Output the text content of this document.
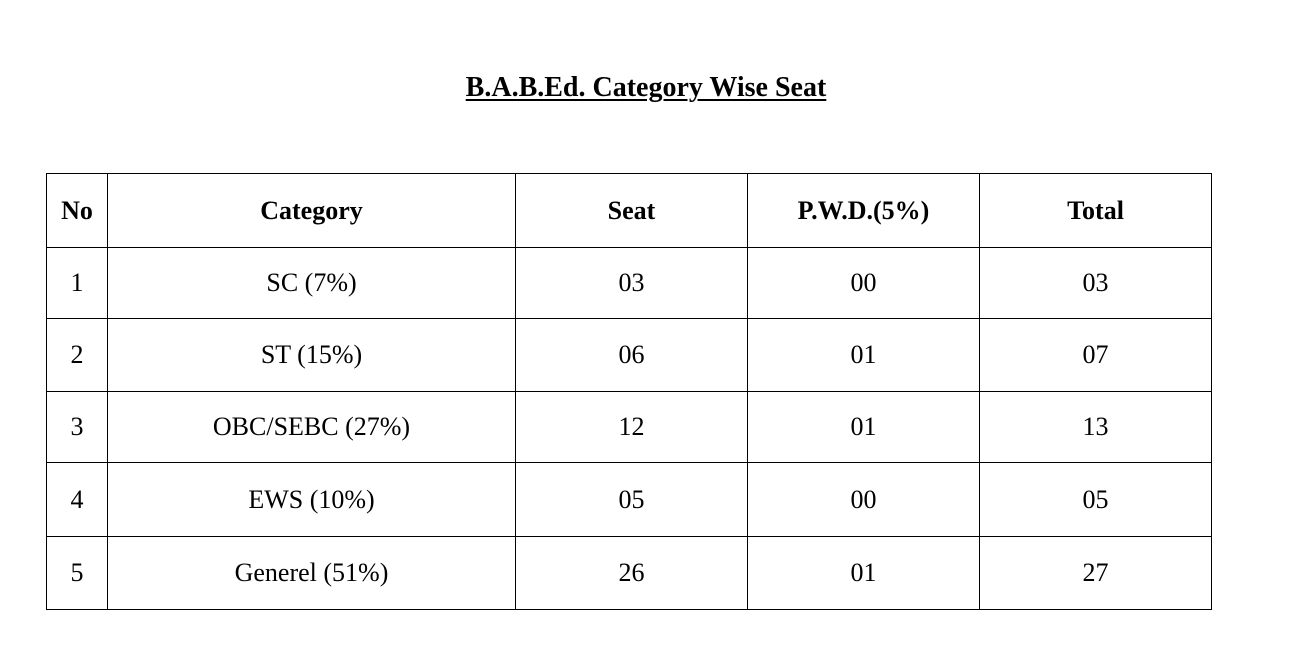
B.A.B.Ed. Category Wise Seat
No	Category	Seat	P.W.D.(5%)	Total
1	SC (7%)	03	00	03
2	ST (15%)	06	01	07
3	OBC/SEBC (27%)	12	01	13
4	EWS (10%)	05	00	05
5	Generel (51%)	26	01	27
